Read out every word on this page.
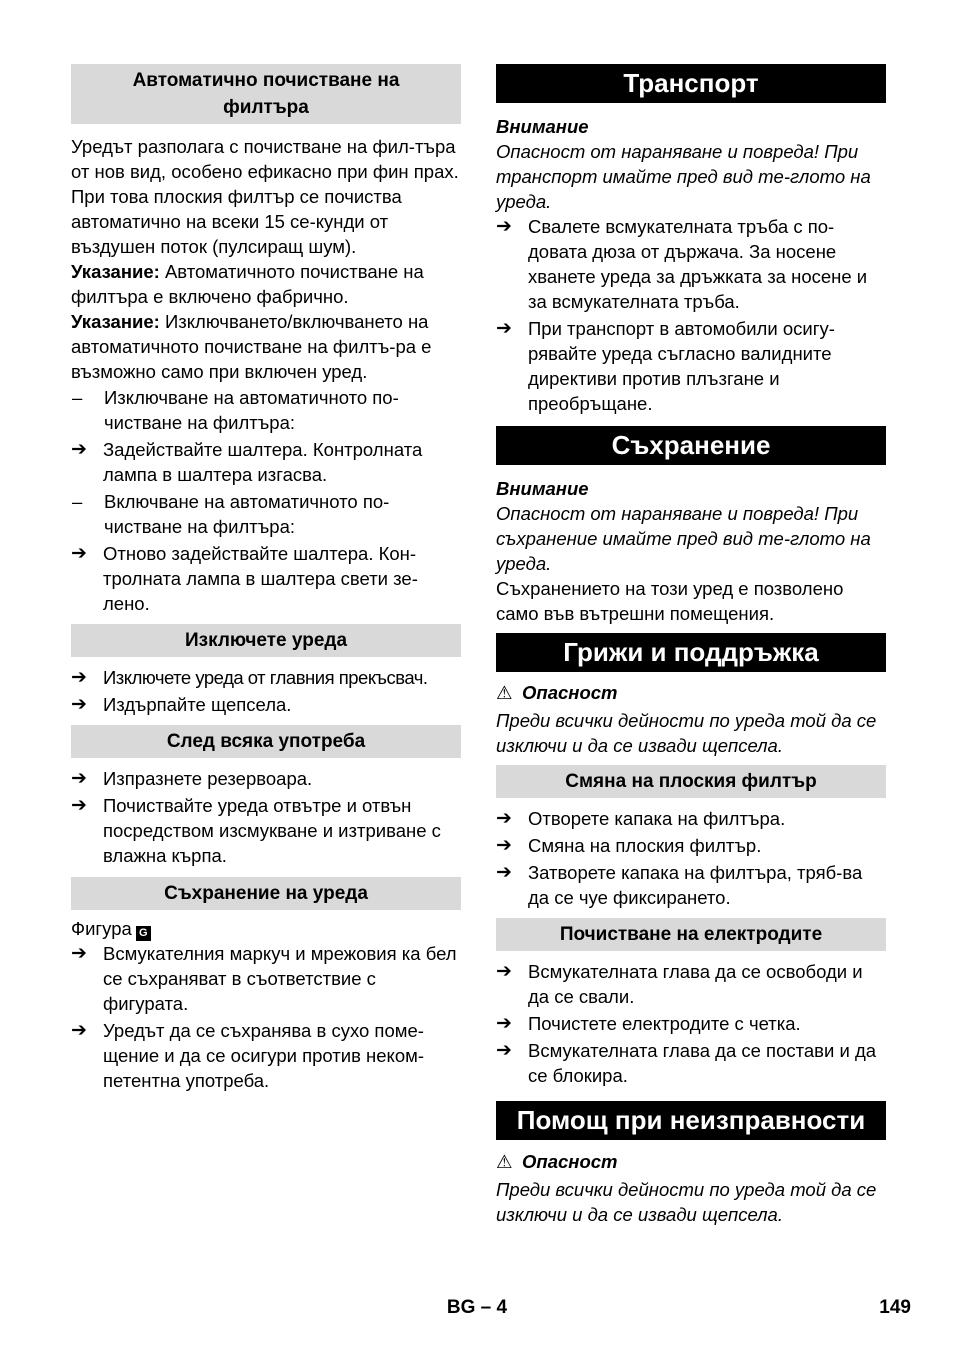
Автоматично почистване на филтъра

Уредът разполага с почистване на фил-търа от нов вид, особено ефикасно при фин прах. При това плоския филтър се почиства автоматично на всеки 15 се-кунди от въздушен поток (пулсиращ шум).

Указание: Автоматичното почистване на филтъра е включено фабрично.

Указание: Изключването/включването на автоматичното почистване на филтъ-ра е възможно само при включен уред.

–	Изключване на автоматичното по-чистване на филтъра:
➔ Задействайте шалтера. Контролната лампа в шалтера изгасва.
–	Включване на автоматичното по-чистване на филтъра:
➔ Отново задействайте шалтера. Кон-тролната лампа в шалтера свети зе-лено.
Изключете уреда
➔ Изключете уреда от главния прекъсвач.
➔ Издърпайте щепсела.
След всяка употреба
➔ Изпразнете резервоара.
➔ Почиствайте уреда отвътре и отвън посредством изсмукване и изтриване с влажна кърпа.
Съхранение на уреда

Фигура G

➔ Всмукателния маркуч и мрежовия ка бел се съхраняват в съответствие с фигурата.
➔ Уредът да се съхранява в сухо поме-щение и да се осигури против неком-петентна употреба.
Транспорт

Внимание

Опасност от нараняване и повреда! При транспорт имайте пред вид те-глото на уреда.

➔ Свалете всмукателната тръба с по-довата дюза от държача. За носене хванете уреда за дръжката за носене и за всмукателната тръба.
➔ При транспорт в автомобили осигу-рявайте уреда съгласно валидните директиви против плъзгане и преобръщане.
Съхранение

Внимание

Опасност от нараняване и повреда! При съхранение имайте пред вид те-глото на уреда.

Съхранението на този уред е позволено само във вътрешни помещения.

Грижи и поддръжка

⚠ Опасност

Преди всички дейности по уреда той да се изключи и да се извади щепсела.

Смяна на плоския филтър
➔ Отворете капака на филтъра.
➔ Смяна на плоския филтър.
➔ Затворете капака на филтъра, тряб-ва да се чуе фиксирането.
Почистване на електродите
➔ Всмукателната глава да се освободи и да се свали.
➔ Почистете електродите с четка.
➔ Всмукателната глава да се постави и да се блокира.
Помощ при неизправности

⚠ Опасност

Преди всички дейности по уреда той да се изключи и да се извади щепсела.

BG – 4	149
